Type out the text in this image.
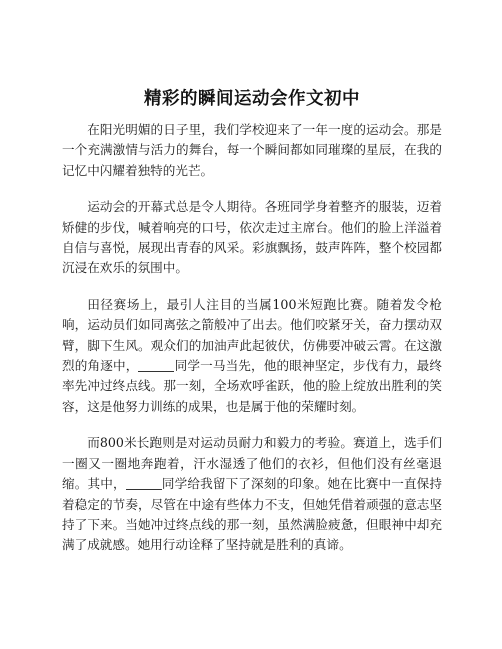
精彩的瞬间运动会作文初中

在阳光明媚的日子里，我们学校迎来了一年一度的运动会。那是一个充满激情与活力的舞台，每一个瞬间都如同璀璨的星辰，在我的记忆中闪耀着独特的光芒。

运动会的开幕式总是令人期待。各班同学身着整齐的服装，迈着矫健的步伐，喊着响亮的口号，依次走过主席台。他们的脸上洋溢着自信与喜悦，展现出青春的风采。彩旗飘扬，鼓声阵阵，整个校园都沉浸在欢乐的氛围中。

田径赛场上，最引人注目的当属100米短跑比赛。随着发令枪响，运动员们如同离弦之箭般冲了出去。他们咬紧牙关，奋力摆动双臂，脚下生风。观众们的加油声此起彼伏，仿佛要冲破云霄。在这激烈的角逐中，	同学一马当先，他的眼神坚定，步伐有力，最终率先冲过终点线。那一刻，全场欢呼雀跃，他的脸上绽放出胜利的笑容，这是他努力训练的成果，也是属于他的荣耀时刻。

而800米长跑则是对运动员耐力和毅力的考验。赛道上，选手们一圈又一圈地奔跑着，汗水湿透了他们的衣衫，但他们没有丝毫退缩。其中，	同学给我留下了深刻的印象。她在比赛中一直保持着稳定的节奏，尽管在中途有些体力不支，但她凭借着顽强的意志坚持了下来。当她冲过终点线的那一刻，虽然满脸疲惫，但眼神中却充满了成就感。她用行动诠释了坚持就是胜利的真谛。
